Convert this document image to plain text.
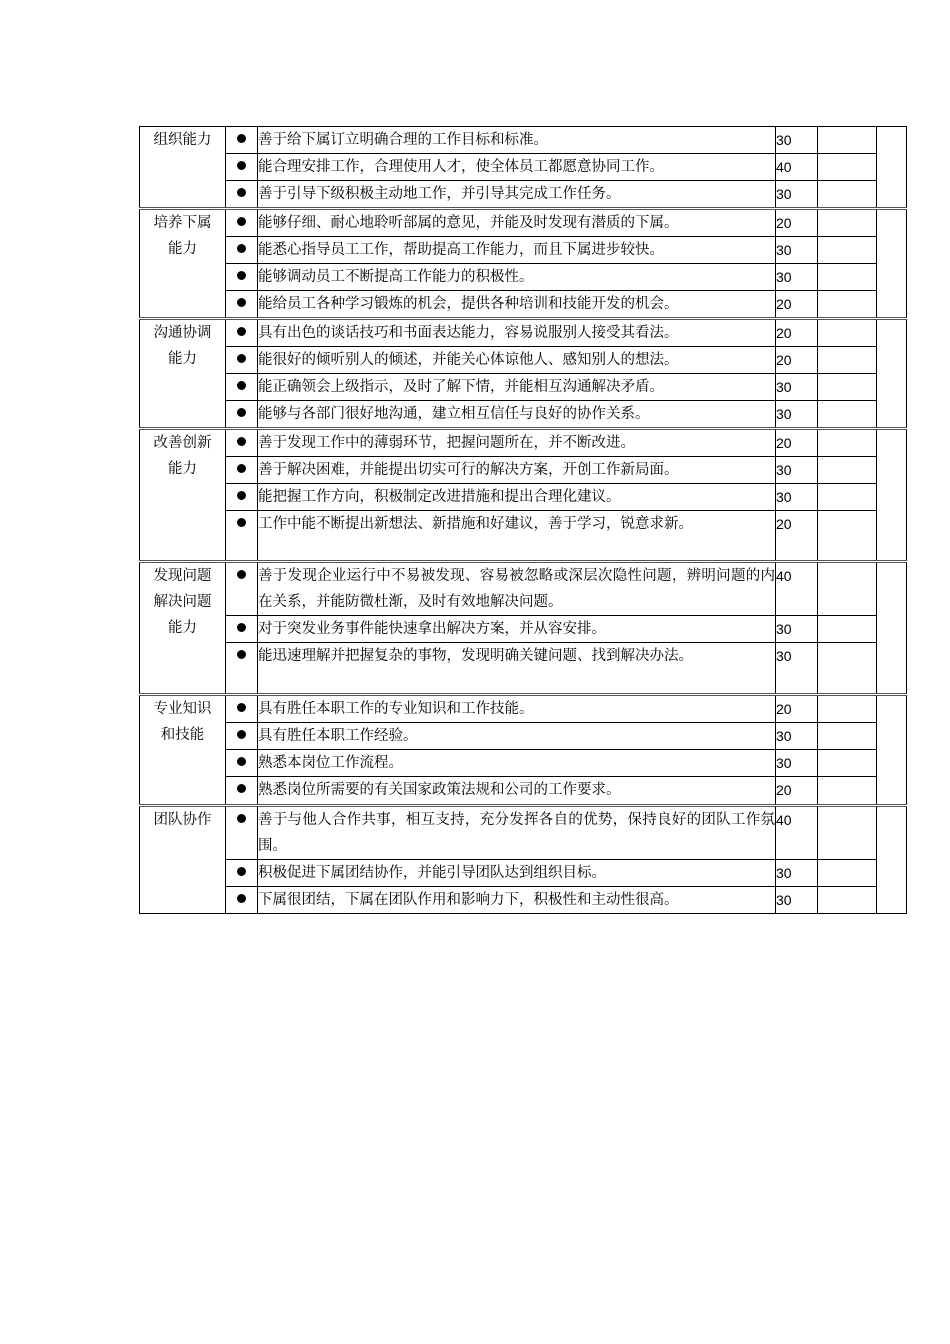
组织能力		善于给下属订立明确合理的工作目标和标准。	30		
		能合理安排工作，合理使用人才，使全体员工都愿意协同工作。	40		
		善于引导下级积极主动地工作，并引导其完成工作任务。	30		

培养下属
能力		能够仔细、耐心地聆听部属的意见，并能及时发现有潜质的下属。	20		
		能悉心指导员工工作，帮助提高工作能力，而且下属进步较快。	30		
		能够调动员工不断提高工作能力的积极性。	30		
		能给员工各种学习锻炼的机会，提供各种培训和技能开发的机会。	20		

沟通协调
能力		具有出色的谈话技巧和书面表达能力，容易说服别人接受其看法。	20		
		能很好的倾听别人的倾述，并能关心体谅他人、感知别人的想法。	20		
		能正确领会上级指示，及时了解下情，并能相互沟通解决矛盾。	30		
		能够与各部门很好地沟通，建立相互信任与良好的协作关系。	30		

改善创新
能力		善于发现工作中的薄弱环节，把握问题所在，并不断改进。	20		
		善于解决困难，并能提出切实可行的解决方案，开创工作新局面。	30		
		能把握工作方向，积极制定改进措施和提出合理化建议。	30		
		工作中能不断提出新想法、新措施和好建议，善于学习，锐意求新。	20		

发现问题
解决问题
能力		善于发现企业运行中不易被发现、容易被忽略或深层次隐性问题，辨明问题的内在关系，并能防微杜渐，及时有效地解决问题。	40		
		对于突发业务事件能快速拿出解决方案，并从容安排。	30		
		能迅速理解并把握复杂的事物，发现明确关键问题、找到解决办法。	30		

专业知识
和技能		具有胜任本职工作的专业知识和工作技能。	20		
		具有胜任本职工作经验。	30		
		熟悉本岗位工作流程。	30		
		熟悉岗位所需要的有关国家政策法规和公司的工作要求。	20		

团队协作		善于与他人合作共事，相互支持，充分发挥各自的优势，保持良好的团队工作氛围。	40		
		积极促进下属团结协作，并能引导团队达到组织目标。	30		
		下属很团结，下属在团队作用和影响力下，积极性和主动性很高。	30		
